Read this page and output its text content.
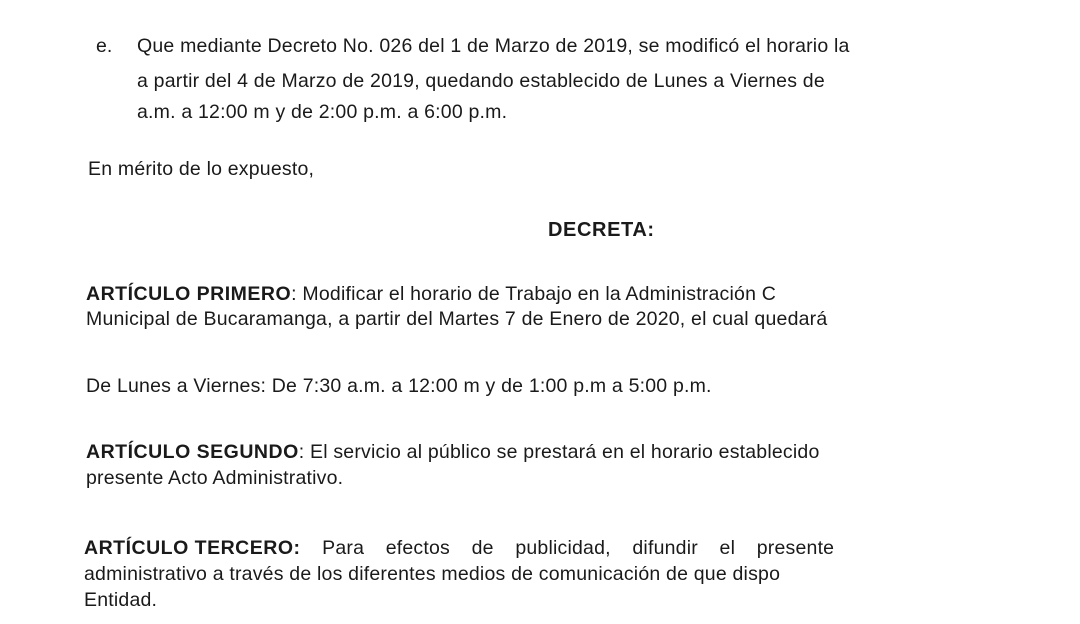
e. Que mediante Decreto No. 026 del 1 de Marzo de 2019, se modificó el horario la
a partir del 4 de Marzo de 2019, quedando establecido de Lunes a Viernes de
a.m. a 12:00 m y de 2:00 p.m. a 6:00 p.m.
En mérito de lo expuesto,
DECRETA:
ARTÍCULO PRIMERO: Modificar el horario de Trabajo en la Administración C
Municipal de Bucaramanga, a partir del Martes 7 de Enero de 2020, el cual quedará
De Lunes a Viernes: De 7:30 a.m. a 12:00 m y de 1:00 p.m a 5:00 p.m.
ARTÍCULO SEGUNDO: El servicio al público se prestará en el horario establecido
presente Acto Administrativo.
ARTÍCULO TERCERO: Para efectos de publicidad, difundir el presente
administrativo a través de los diferentes medios de comunicación de que dispo
Entidad.
